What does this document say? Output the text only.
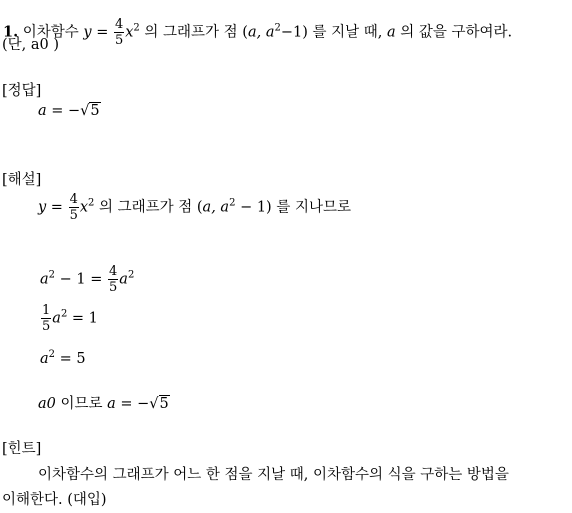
1. 이차함수 $y = \frac{4}{5} x^2$ 의 그래프가 점 (a, $a^2-1$) 를 지날 때, a 의 값을 구하여라.
(단, a0 )
[정답]
a = −√5
[해설]
$y = \frac{4}{5} x^2$ 의 그래프가 점 (a, $a^2 - 1$) 를 지나므로
$a^2 - 1 = \frac{4}{5} a^2$
$\frac{1}{5} a^2 = 1$
$a^2 = 5$
a0 이므로 a = −√5
[힌트]
이차함수의 그래프가 어느 한 점을 지날 때, 이차함수의 식을 구하는 방법을
이해한다. (대입)
